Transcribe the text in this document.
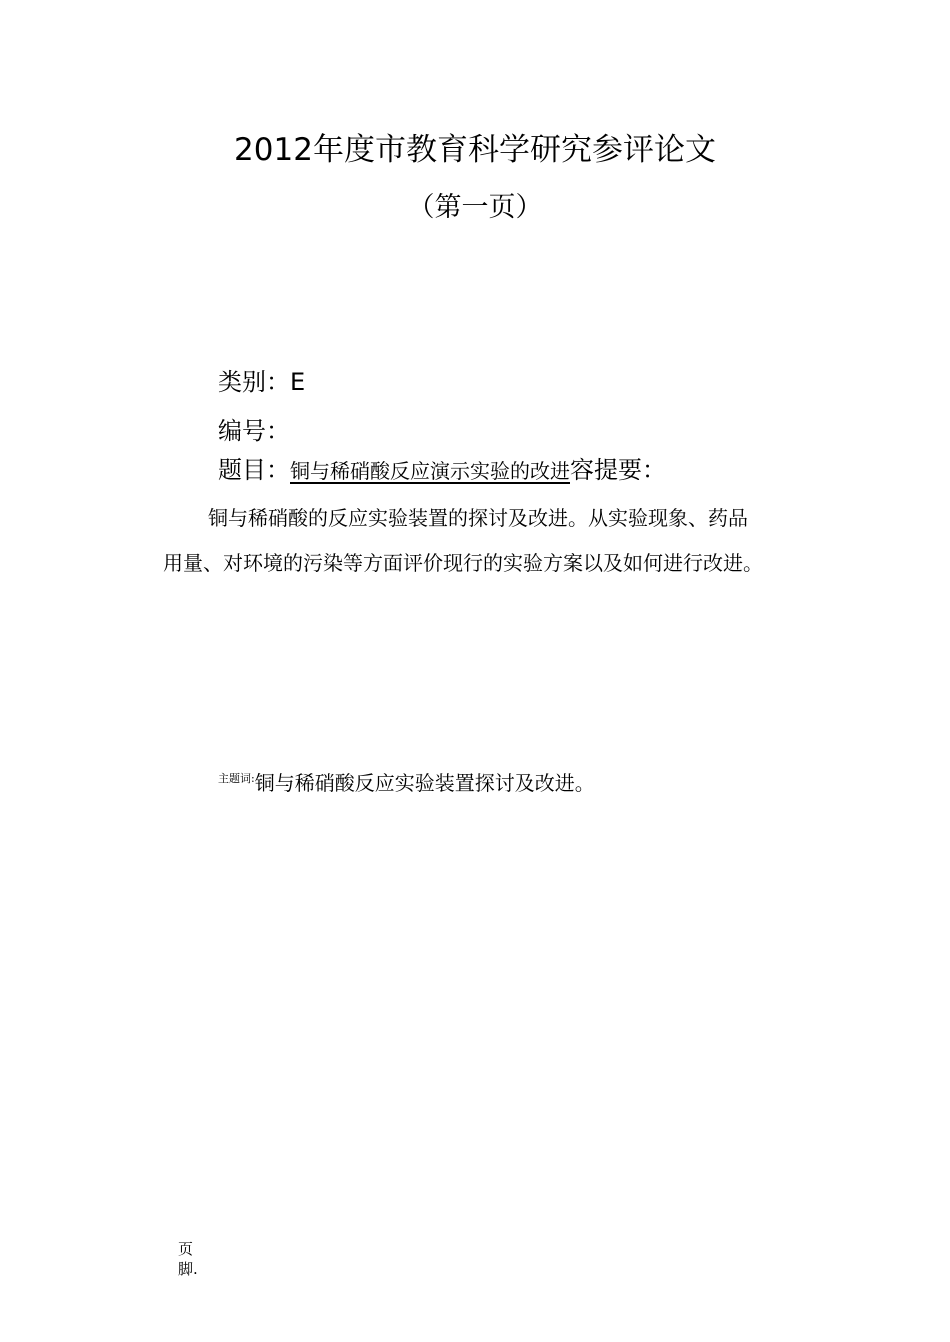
2012年度市教育科学研究参评论文
（第一页）
类别：E
编号：
题目：铜与稀硝酸反应演示实验的改进容提要：
铜与稀硝酸的反应实验装置的探讨及改进。从实验现象、药品
用量、对环境的污染等方面评价现行的实验方案以及如何进行改进。
$^{主题词:}$铜与稀硝酸反应实验装置探讨及改进。
页
脚.
